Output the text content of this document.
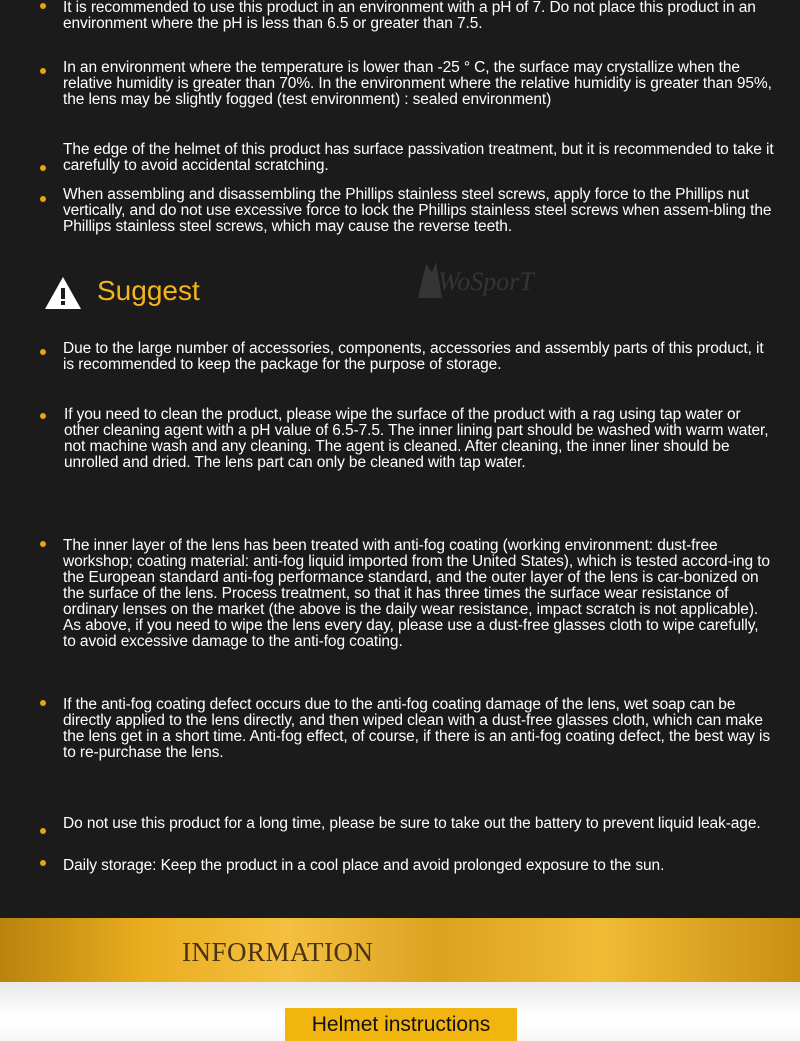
It is recommended to use this product in an environment with a pH of 7. Do not place this product in an environment where the pH is less than 6.5 or greater than 7.5.
In an environment where the temperature is lower than -25 ° C, the surface may crystallize when the relative humidity is greater than 70%. In the environment where the relative humidity is greater than 95%, the lens may be slightly fogged (test environment) : sealed environment)
The edge of the helmet of this product has surface passivation treatment, but it is recommended to take it carefully to avoid accidental scratching.
When assembling and disassembling the Phillips stainless steel screws, apply force to the Phillips nut vertically, and do not use excessive force to lock the Phillips stainless steel screws when assem-bling the Phillips stainless steel screws, which may cause the reverse teeth.
Suggest	WoSporT
Due to the large number of accessories, components, accessories and assembly parts of this product, it is recommended to keep the package for the purpose of storage.
If you need to clean the product, please wipe the surface of the product with a rag using tap water or other cleaning agent with a pH value of 6.5-7.5. The inner lining part should be washed with warm water, not machine wash and any cleaning. The agent is cleaned. After cleaning, the inner liner should be unrolled and dried. The lens part can only be cleaned with tap water.
The inner layer of the lens has been treated with anti-fog coating (working environment: dust-free workshop; coating material: anti-fog liquid imported from the United States), which is tested accord-ing to the European standard anti-fog performance standard, and the outer layer of the lens is car-bonized on the surface of the lens. Process treatment, so that it has three times the surface wear resistance of ordinary lenses on the market (the above is the daily wear resistance, impact scratch is not applicable). As above, if you need to wipe the lens every day, please use a dust-free glasses cloth to wipe carefully, to avoid excessive damage to the anti-fog coating.
If the anti-fog coating defect occurs due to the anti-fog coating damage of the lens, wet soap can be directly applied to the lens directly, and then wiped clean with a dust-free glasses cloth, which can make the lens get in a short time. Anti-fog effect, of course, if there is an anti-fog coating defect, the best way is to re-purchase the lens.
Do not use this product for a long time, please be sure to take out the battery to prevent liquid leak-age.
Daily storage: Keep the product in a cool place and avoid prolonged exposure to the sun.
INFORMATION
Helmet instructions
